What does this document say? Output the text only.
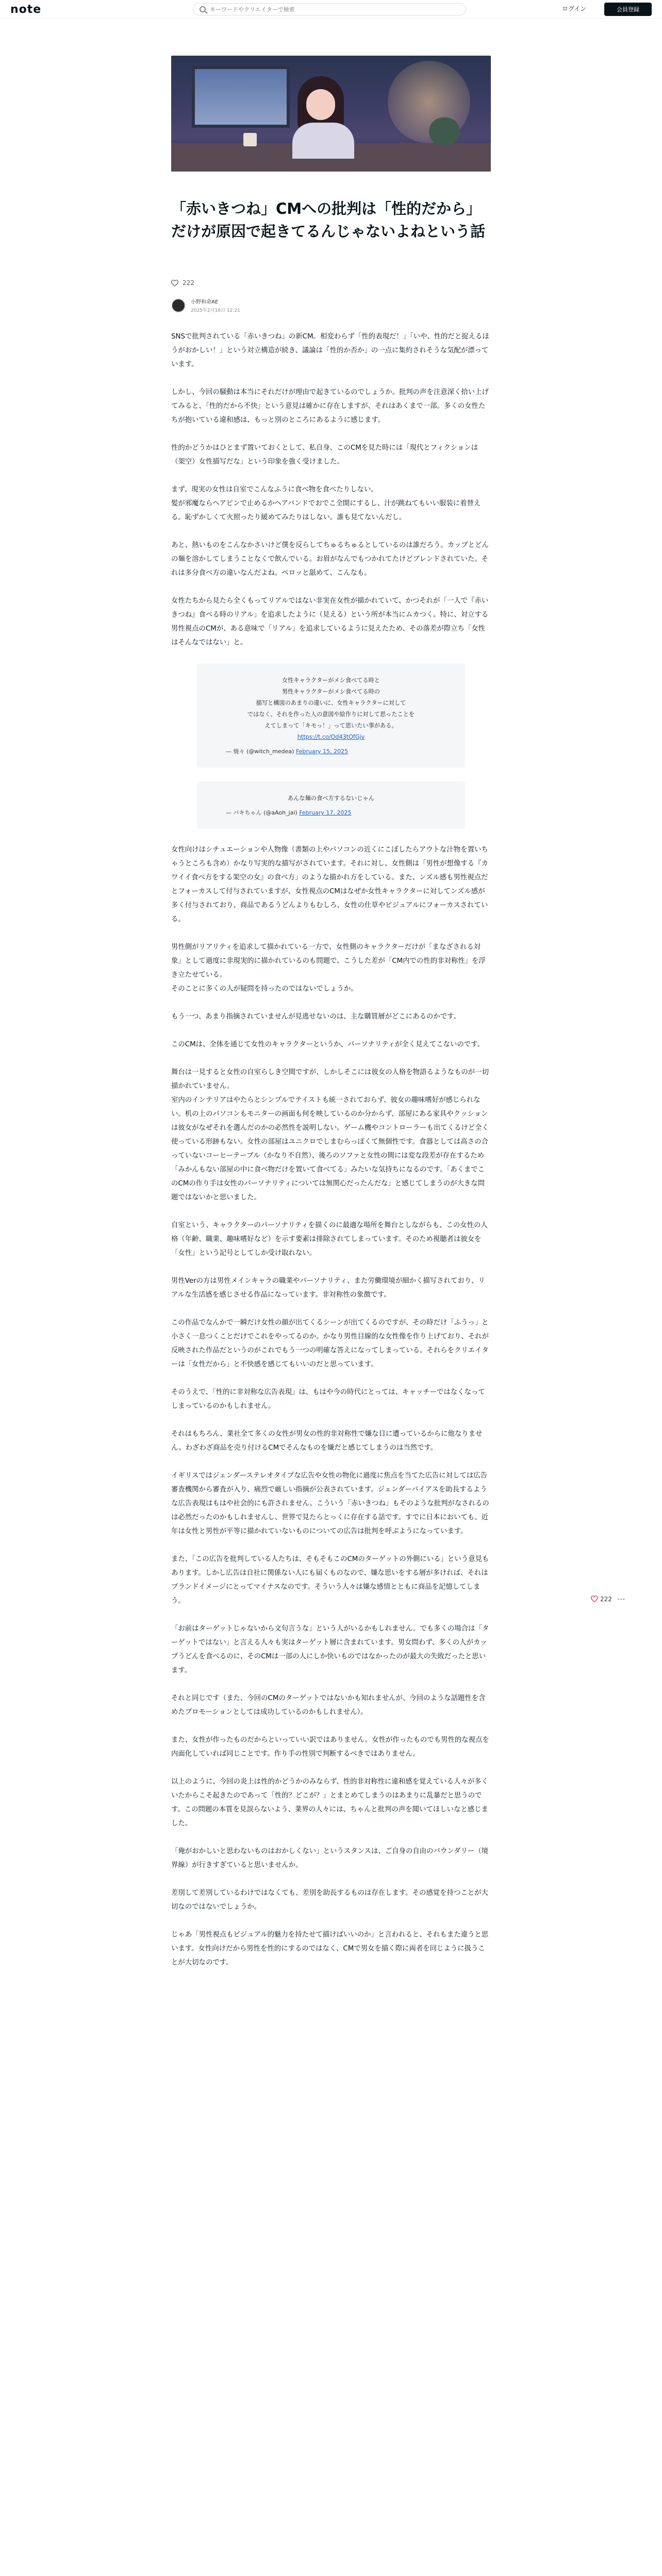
note
キーワードやクリエイターで検索	ログイン	会員登録
「赤いきつね」CMへの批判は「性的だから」だけが原因で起きてるんじゃないよねという話
222
小野和命AE
2025年2月16日 12:21

SNSで批判されている「赤いきつね」の新CM。相変わらず「性的表現だ！」「いや、性的だと捉えるほうがおかしい！」という対立構造が続き、議論は「性的か否か」の一点に集約されそうな気配が漂っています。

しかし、今回の騒動は本当にそれだけが理由で起きているのでしょうか。批判の声を注意深く拾い上げてみると、「性的だから不快」という意見は確かに存在しますが、それはあくまで一部。多くの女性たちが抱いている違和感は、もっと別のところにあるように感じます。

性的かどうかはひとまず置いておくとして、私自身、このCMを見た時には「現代とフィクションは（架空）女性描写だな」という印象を強く受けました。

まず、現実の女性は自室でこんなふうに食べ物を食べたりしない。
髪が邪魔ならヘアピンで止めるかヘアバンドでおでこ全開にするし、汁が跳ねてもいい服装に着替える。恥ずかしくて火照ったり緩めてみたりはしない。誰も見てないんだし。

あと、熱いものをこんなかさいけど僕を反らしてちゅるちゅるとしているのは誰だろう。カップとどんの麺を溶かしてしまうことなくで飲んでいる。お眉がなんでもつかれてたけどブレンドされていた。それは多分食べ方の違いなんだよね。ペロッと舐めて、こんなも。

女性たちから見たら全くもってリアルではない非実在女性が描かれていて、かつそれが「一人で『赤いきつね』食べる時のリアル」を追求したように（見える）という所が本当にムカつく。特に、対立する男性視点のCMが、ある意味で「リアル」を追求しているように見えたため、その落差が際立ち「女性はそんなではない」と。

女性キャラクターがメシ食べてる時と
男性キャラクターがメシ食べてる時の
描写と構図のあまりの違いに、女性キャラクターに対して
ではなく、それを作った人の意図や絵作りに対して思ったことを
えてしまって「キモっ！」って思いたい事がある。
https://t.co/Od43tOfGjv
— 焼々 (@witch_medea) February 15, 2025
あんな麺の食べ方するないじゃん
— バキちゃん (@aAoh_jai) February 17, 2025

女性向けはシチュエーションや人物像（書類の上やパソコンの近くにこぼしたらアウトな汁物を置いちゃうところも含め）かなり写実的な描写がされています。それに対し、女性側は「男性が想像する『カワイイ食べ方をする架空の女』の食べ方」のような描かれ方をしている。また、ンズル感も男性視点だとフォーカスして付与されていますが、女性視点のCMはなぜか女性キャラクターに対してンズル感が多く付与されており、商品であるうどんよりもむしろ、女性の仕草やビジュアルにフォーカスされている。

男性側がリアリティを追求して描かれている一方で、女性側のキャラクターだけが「まなざされる対象」として過度に非現実的に描かれているのも問題で、こうした差が「CM内での性的非対称性」を浮き立たせている。
そのことに多くの人が疑問を持ったのではないでしょうか。

もう一つ、あまり指摘されていませんが見逃せないのは、主な購買層がどこにあるのかです。

このCMは、全体を通じて女性のキャラクターというか、パーソナリティが全く見えてこないのです。

舞台は一見すると女性の自室らしき空間ですが、しかしそこには彼女の人格を物語るようなものが一切描かれていません。
室内のインテリアはやたらとシンプルでテイストも統一されておらず、彼女の趣味嗜好が感じられない。机の上のパソコンもモニターの画面も何を映しているのか分からず、部屋にある家具やクッションは彼女がなぜそれを選んだのかの必然性を説明しない。ゲーム機やコントローラーも出てくるけど全く使っている形跡もない。女性の部屋はユニクロでしまむらっぽくて無個性です。食器としては高さの合っていないコーヒーテーブル（かなり不自然）、後ろのソファと女性の間には変な段差が存在するため「みかんもない部屋の中に食べ物だけを置いて食べてる」みたいな気持ちになるのです。「あくまでこのCMの作り手は女性のパーソナリティについては無関心だったんだな」と感じてしまうのが大きな問題ではないかと思いました。

自室という、キャラクターのパーソナリティを描くのに最適な場所を舞台としながらも、この女性の人格（年齢、職業、趣味嗜好など）を示す要素は排除されてしまっています。そのため視聴者は彼女を「女性」という記号としてしか受け取れない。

男性Verの方は男性メインキャラの職業やパーソナリティ、また労働環境が細かく描写されており、リアルな生活感を感じさせる作品になっています。非対称性の象徴です。

この作品でなんかで一瞬だけ女性の顔が出てくるシーンが出てくるのですが、その時だけ「ふうっ」と小さく一息つくことだけでこれをやってるのか。かなり男性目線的な女性像を作り上げており、それが反映された作品だというのがこれでもう一つの明確な答えになってしまっている。それらをクリエイターは「女性だから」と不快感を感じてもいいのだと思っています。

そのうえで、「性的に非対称な広告表現」は、もはや今の時代にとっては、キャッチーではなくなってしまっているのかもしれません。

それはもちろん、業社全て多くの女性が男女の性的非対称性で嫌な目に遭っているからに他なりません。わざわざ商品を売り付けるCMでそんなものを嫌だと感じてしまうのは当然です。

イギリスではジェンダーステレオタイプな広告や女性の物化に過度に焦点を当てた広告に対しては広告審査機関から審査が入り、痛烈で厳しい指摘が公表されています。ジェンダーバイアスを助長するような広告表現はもはや社会的にも許されません。こういう「赤いきつね」もそのような批判がなされるのは必然だったのかもしれませんし、世界で見たらとっくに存在する話です。すでに日本においても、近年は女性と男性が平等に描かれていないものについての広告は批判を呼ぶようになっています。

また、「この広告を批判している人たちは、そもそもこのCMのターゲットの外側にいる」という意見もあります。しかし広告は自社に関係ない人にも届くものなので、嫌な思いをする層が多ければ、それはブランドイメージにとってマイナスなのです。そういう人々は嫌な感情とともに商品を記憶してしまう。

「お前はターゲットじゃないから文句言うな」という人がいるかもしれません。でも多くの場合は「ターゲットではない」と言える人々も実はターゲット層に含まれています。男女問わず、多くの人がカップうどんを食べるのに、そのCMは一部の人にしか快いものではなかったのが最大の失敗だったと思います。

それと同じです（また、今回のCMのターゲットではないかも知れませんが、今回のような話題性を含めたプロモーションとしては成功しているのかもしれません）。

また、女性が作ったものだからといっていい訳ではありません。女性が作ったものでも男性的な視点を内面化していれば同じことです。作り手の性別で判断するべきではありません。

以上のように、今回の炎上は性的かどうかのみならず、性的非対称性に違和感を覚えている人々が多くいたからこそ起きたのであって「性的？どこが？」とまとめてしまうのはあまりに乱暴だと思うのです。この問題の本質を見誤らないよう、業界の人々には、ちゃんと批判の声を聞いてほしいなと感じました。

「俺がおかしいと思わないものはおかしくない」というスタンスは、ご自身の自由のバウンダリー（境界線）が行きすぎていると思いませんか。

差別して差別しているわけではなくても、差別を助長するものは存在します。その感覚を持つことが大切なのではないでしょうか。

じゃあ「男性視点もビジュアル的魅力を持たせて描けばいいのか」と言われると、それもまた違うと思います。女性向けだから男性を性的にするのではなく、CMで男女を描く際に両者を同じように扱うことが大切なのです。

222 ⋯
